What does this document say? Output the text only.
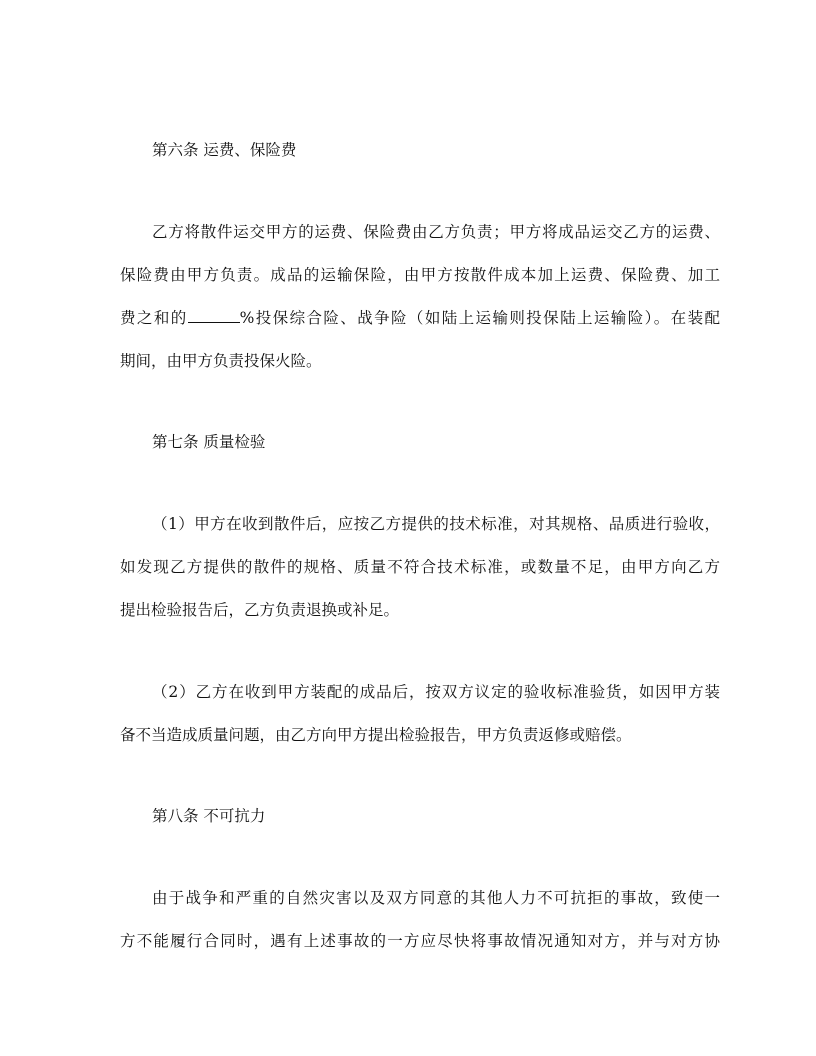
第六条 运费、保险费
乙方将散件运交甲方的运费、保险费由乙方负责；甲方将成品运交乙方的运费、
保险费由甲方负责。成品的运输保险，由甲方按散件成本加上运费、保险费、加工
费之和的	%投保综合险、战争险（如陆上运输则投保陆上运输险）。在装配
期间，由甲方负责投保火险。
第七条 质量检验
（1）甲方在收到散件后，应按乙方提供的技术标准，对其规格、品质进行验收，
如发现乙方提供的散件的规格、质量不符合技术标准，或数量不足，由甲方向乙方
提出检验报告后，乙方负责退换或补足。
（2）乙方在收到甲方装配的成品后，按双方议定的验收标准验货，如因甲方装
备不当造成质量问题，由乙方向甲方提出检验报告，甲方负责返修或赔偿。
第八条 不可抗力
由于战争和严重的自然灾害以及双方同意的其他人力不可抗拒的事故，致使一
方不能履行合同时，遇有上述事故的一方应尽快将事故情况通知对方，并与对方协
